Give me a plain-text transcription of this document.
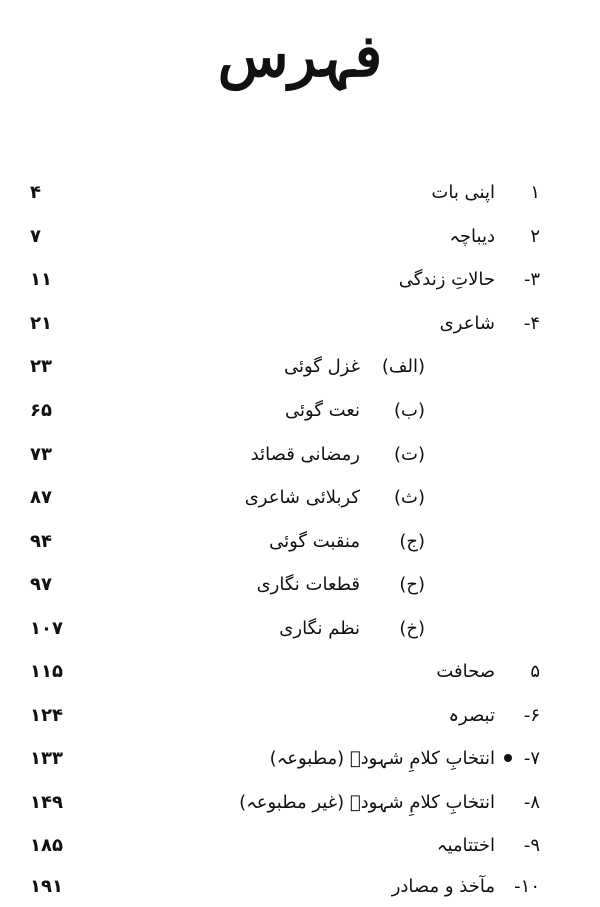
فہرس
۱
اپنی بات
۴
۲
دیباچہ
۷
۳-
حالاتِ زندگی
۱۱
۴-
شاعری
۲۱
(الف)
غزل گوئی
۲۳
(ب)
نعت گوئی
۶۵
(ت)
رمضانی قصائد
۷۳
(ث)
کربلائی شاعری
۸۷
(ج)
منقبت گوئی
۹۴
(ح)
قطعات نگاری
۹۷
(خ)
نظم نگاری
۱۰۷
۵
صحافت
۱۱۵
۶-
تبصرہ
۱۲۴
۷-
انتخابِ کلامِ شہودؔ (مطبوعہ)
۱۳۳
۸-
انتخابِ کلامِ شہودؔ (غیر مطبوعہ)
۱۴۹
۹-
اختتامیہ
۱۸۵
۱۰-
مآخذ و مصادر
۱۹۱
